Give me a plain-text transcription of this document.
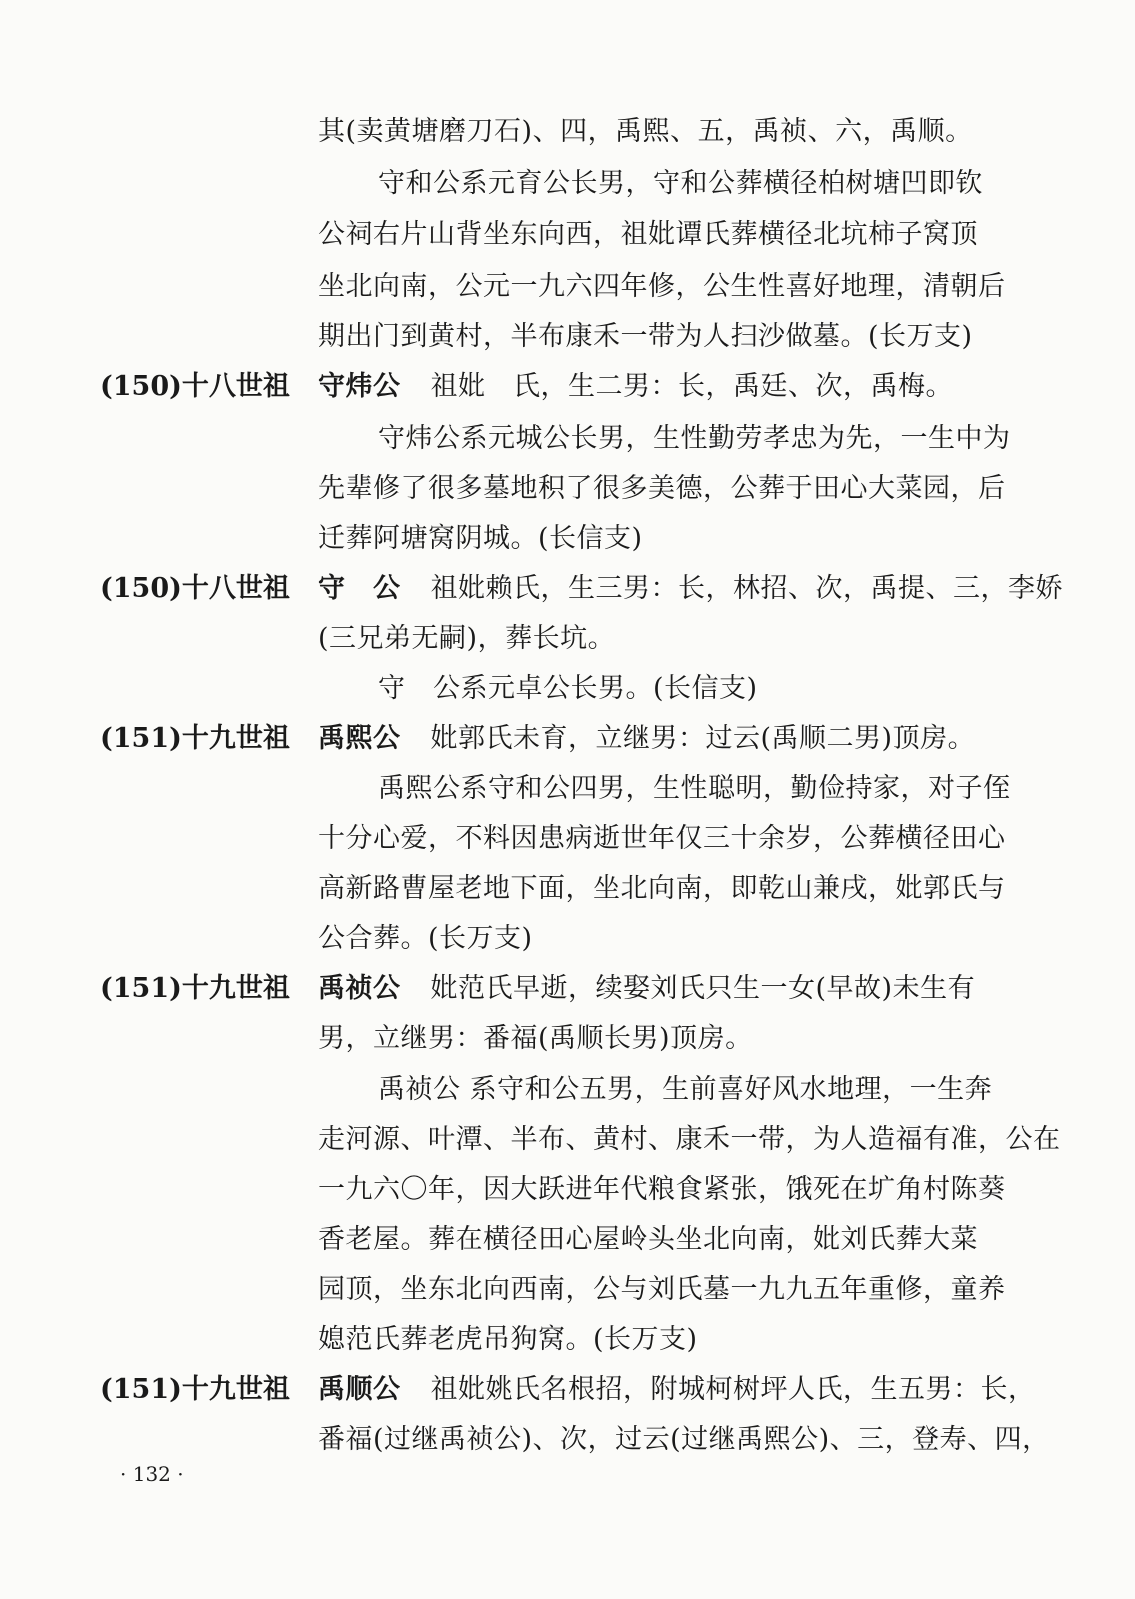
其(卖黄塘磨刀石)、四，禹熙、五，禹祯、六，禹顺。
守和公系元育公长男，守和公葬横径柏树塘凹即钦
公祠右片山背坐东向西，祖妣谭氏葬横径北坑柿子窝顶
坐北向南，公元一九六四年修，公生性喜好地理，清朝后
期出门到黄村，半布康禾一带为人扫沙做墓。(长万支)
(150)十八世祖 守炜公 祖妣　氏，生二男：长，禹廷、次，禹梅。
守炜公系元城公长男，生性勤劳孝忠为先，一生中为
先辈修了很多墓地积了很多美德，公葬于田心大菜园，后
迁葬阿塘窝阴城。(长信支)
(150)十八世祖 守　公 祖妣赖氏，生三男：长，林招、次，禹提、三，李娇
(三兄弟无嗣)，葬长坑。
守　公系元卓公长男。(长信支)
(151)十九世祖 禹熙公 妣郭氏未育，立继男：过云(禹顺二男)顶房。
禹熙公系守和公四男，生性聪明，勤俭持家，对子侄
十分心爱，不料因患病逝世年仅三十余岁，公葬横径田心
高新路曹屋老地下面，坐北向南，即乾山兼戌，妣郭氏与
公合葬。(长万支)
(151)十九世祖 禹祯公 妣范氏早逝，续娶刘氏只生一女(早故)未生有
男，立继男：番福(禹顺长男)顶房。
禹祯公 系守和公五男，生前喜好风水地理，一生奔
走河源、叶潭、半布、黄村、康禾一带，为人造福有准，公在
一九六〇年，因大跃进年代粮食紧张，饿死在圹角村陈葵
香老屋。葬在横径田心屋岭头坐北向南，妣刘氏葬大菜
园顶，坐东北向西南，公与刘氏墓一九九五年重修，童养
媳范氏葬老虎吊狗窝。(长万支)
(151)十九世祖 禹顺公 祖妣姚氏名根招，附城柯树坪人氏，生五男：长，
番福(过继禹祯公)、次，过云(过继禹熙公)、三，登寿、四，
· 132 ·
